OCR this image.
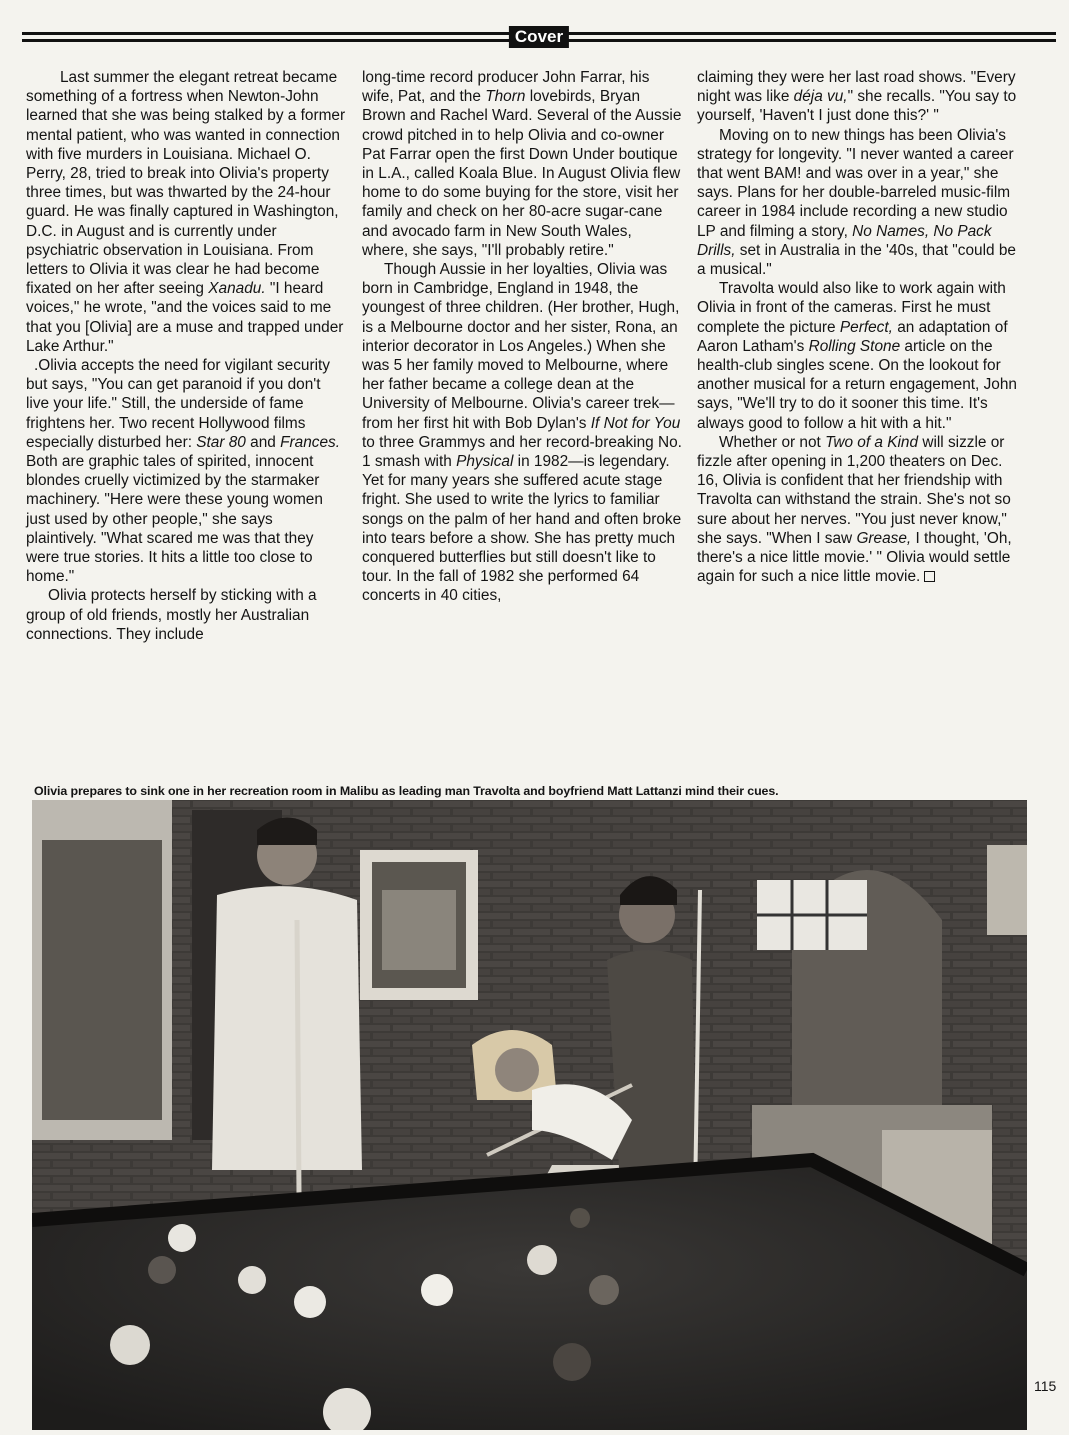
Cover

Last summer the elegant retreat became something of a fortress when Newton-John learned that she was being stalked by a former mental patient, who was wanted in connection with five murders in Louisiana. Michael O. Perry, 28, tried to break into Olivia's property three times, but was thwarted by the 24-hour guard. He was finally captured in Washington, D.C. in August and is currently under psychiatric observation in Louisiana. From letters to Olivia it was clear he had become fixated on her after seeing Xanadu. "I heard voices," he wrote, "and the voices said to me that you [Olivia] are a muse and trapped under Lake Arthur."

.Olivia accepts the need for vigilant security but says, "You can get paranoid if you don't live your life." Still, the underside of fame frightens her. Two recent Hollywood films especially disturbed her: Star 80 and Frances. Both are graphic tales of spirited, innocent blondes cruelly victimized by the starmaker machinery. "Here were these young women just used by other people," she says plaintively. "What scared me was that they were true stories. It hits a little too close to home."

Olivia protects herself by sticking with a group of old friends, mostly her Australian connections. They include

long-time record producer John Farrar, his wife, Pat, and the Thorn lovebirds, Bryan Brown and Rachel Ward. Several of the Aussie crowd pitched in to help Olivia and co-owner Pat Farrar open the first Down Under boutique in L.A., called Koala Blue. In August Olivia flew home to do some buying for the store, visit her family and check on her 80-acre sugar-cane and avocado farm in New South Wales, where, she says, "I'll probably retire."

Though Aussie in her loyalties, Olivia was born in Cambridge, England in 1948, the youngest of three children. (Her brother, Hugh, is a Melbourne doctor and her sister, Rona, an interior decorator in Los Angeles.) When she was 5 her family moved to Melbourne, where her father became a college dean at the University of Melbourne. Olivia's career trek—from her first hit with Bob Dylan's If Not for You to three Grammys and her record-breaking No. 1 smash with Physical in 1982—is legendary. Yet for many years she suffered acute stage fright. She used to write the lyrics to familiar songs on the palm of her hand and often broke into tears before a show. She has pretty much conquered butterflies but still doesn't like to tour. In the fall of 1982 she performed 64 concerts in 40 cities,

claiming they were her last road shows. "Every night was like déja vu," she recalls. "You say to yourself, 'Haven't I just done this?' "

Moving on to new things has been Olivia's strategy for longevity. "I never wanted a career that went BAM! and was over in a year," she says. Plans for her double-barreled music-film career in 1984 include recording a new studio LP and filming a story, No Names, No Pack Drills, set in Australia in the '40s, that "could be a musical."

Travolta would also like to work again with Olivia in front of the cameras. First he must complete the picture Perfect, an adaptation of Aaron Latham's Rolling Stone article on the health-club singles scene. On the lookout for another musical for a return engagement, John says, "We'll try to do it sooner this time. It's always good to follow a hit with a hit."

Whether or not Two of a Kind will sizzle or fizzle after opening in 1,200 theaters on Dec. 16, Olivia is confident that her friendship with Travolta can withstand the strain. She's not so sure about her nerves. "You just never know," she says. "When I saw Grease, I thought, 'Oh, there's a nice little movie.' " Olivia would settle again for such a nice little movie.

Olivia prepares to sink one in her recreation room in Malibu as leading man Travolta and boyfriend Matt Lattanzi mind their cues.
115
